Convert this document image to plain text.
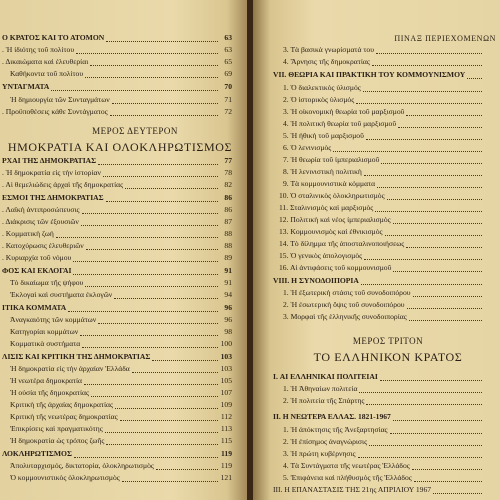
ΜΕΡΟΣ ΔΕΥΤΕΡΟΝ
ΗΜΟΚΡΑΤΙΑ ΚΑΙ ΟΛΟΚΛΗΡΩΤΙΣΜΟΣ
Ο ΚΡΑΤΟΣ ΚΑΙ ΤΟ ΑΤΟΜΟΝ	63
. Ἡ ἰδιότης τοῦ πολίτου	63
. Δικαιώματα καὶ ἐλευθερίαι	65
Καθήκοντα τοῦ πολίτου	69
ΥΝΤΑΓΜΑΤΑ	70
Ἡ δημιουργία τῶν Συνταγμάτων	71
. Προϋποθέσεις κάθε Συντάγματος	72
ΡΧΑΙ ΤΗΣ ΔΗΜΟΚΡΑΤΙΑΣ	77
. Ἡ δημοκρατία εἰς τὴν ἱστορίαν	78
. Αἱ θεμελιώδεις ἀρχαὶ τῆς δημοκρατίας	82
ΕΣΜΟΙ ΤΗΣ ΔΗΜΟΚΡΑΤΙΑΣ	86
. Λαϊκὴ ἀντιπροσώπευσις	86
. Διάκρισις τῶν ἐξουσιῶν	87
. Κομματικὴ ζωή	88
. Κατοχύρωσις ἐλευθεριῶν	88
. Κυριαρχία τοῦ νόμου	89
ΦΟΣ ΚΑΙ ΕΚΛΟΓΑΙ	91
Τὸ δικαίωμα τῆς ψήφου	91
Ἐκλογαὶ καὶ συστήματα ἐκλογῶν	94
ΙΤΙΚΑ ΚΟΜΜΑΤΑ	96
Ἀναγκαιότης τῶν κομμάτων	96
Κατηγορίαι κομμάτων	98
Κομματικὰ συστήματα	100
ΛΙΣΙΣ ΚΑΙ ΚΡΙΤΙΚΗ ΤΗΣ ΔΗΜΟΚΡΑΤΙΑΣ	103
Ἡ δημοκρατία εἰς τὴν ἀρχαίαν Ἑλλάδα	103
Ἡ νεωτέρα δημοκρατία	105
Ἡ οὐσία τῆς δημοκρατίας	107
Κριτικὴ τῆς ἀρχαίας δημοκρατίας	109
Κριτικὴ τῆς νεωτέρας δημοκρατίας	112
Ἐπικρίσεις καὶ πραγματικότης	113
Ἡ δημοκρατία ὡς τρόπος ζωῆς	115
ΛΟΚΛΗΡΩΤΙΣΜΟΣ	119
Ἀπολυταρχισμός, δικτατορία, ὁλοκληρωτισμὸς	119
Ὁ κομμουνιστικὸς ὁλοκληρωτισμὸς	121
ΠΙΝΑΞ ΠΕΡΙΕΧΟΜΕΝΩΝ
ΜΕΡΟΣ ΤΡΙΤΟΝ
ΤΟ ΕΛΛΗΝΙΚΟΝ ΚΡΑΤΟΣ
3. Τὰ βασικὰ γνωρίσματά του
4. Ἄρνησις τῆς δημοκρατίας
VII. ΘΕΩΡΙΑ ΚΑΙ ΠΡΑΚΤΙΚΗ ΤΟΥ ΚΟΜΜΟΥΝΙΣΜΟΥ
1. Ὁ διαλεκτικὸς ὑλισμός
2. Ὁ ἱστορικὸς ὑλισμός
3. Ἡ οἰκονομικὴ θεωρία τοῦ μαρξισμοῦ
4. Ἡ πολιτικὴ θεωρία τοῦ μαρξισμοῦ
5. Ἡ ἠθικὴ τοῦ μαρξισμοῦ
6. Ὁ λενινισμὸς
7. Ἡ θεωρία τοῦ ἰμπεριαλισμοῦ
8. Ἡ λενινιστικὴ πολιτικὴ
9. Τὰ κομμουνιστικὰ κόμματα
10. Ὁ σταλινικὸς ὁλοκληρωτισμὸς
11. Σταλινισμὸς καὶ μαρξισμὸς
12. Πολιτικὴ καὶ νέος ἰμπεριαλισμὸς
13. Κομμουνισμὸς καὶ ἐθνικισμὸς
14. Τὸ δίλημμα τῆς ἀποσταλινοποιήσεως
15. Ὁ γενικὸς ἀπολογισμὸς
16. Αἱ ἀντιφάσεις τοῦ κομμουνισμοῦ
VIII. Η ΣΥΝΟΔΟΙΠΟΡΙΑ
1. Ἡ ἐξωτερικὴ στάσις τοῦ συνοδοιπόρου
2. Ἡ ἐσωτερικὴ ὄψις τοῦ συνοδοιπόρου
3. Μορφαὶ τῆς ἑλληνικῆς συνοδοιπορίας
I. ΑΙ ΕΛΛΗΝΙΚΑΙ ΠΟΛΙΤΕΙΑΙ
1. Ἡ Ἀθηναίων πολιτεία
2. Ἡ πολιτεία τῆς Σπάρτης
II. Η ΝΕΩΤΕΡΑ ΕΛΛΑΣ. 1821-1967
1. Ἡ ἀπόκτησις τῆς Ἀνεξαρτησίας
2. Ἡ ἐπίσημος ἀναγνώρισις
3. Ἡ πρώτη κυβέρνησις
4. Τὰ Συντάγματα τῆς νεωτέρας Ἑλλάδος
5. Ἐπιφάνεια καὶ πλήθυσμὸς τῆς Ἑλλάδος
III. Η ΕΠΑΝΑΣΤΑΣΙΣ ΤΗΣ 21ης ΑΠΡΙΛΙΟΥ 1967
